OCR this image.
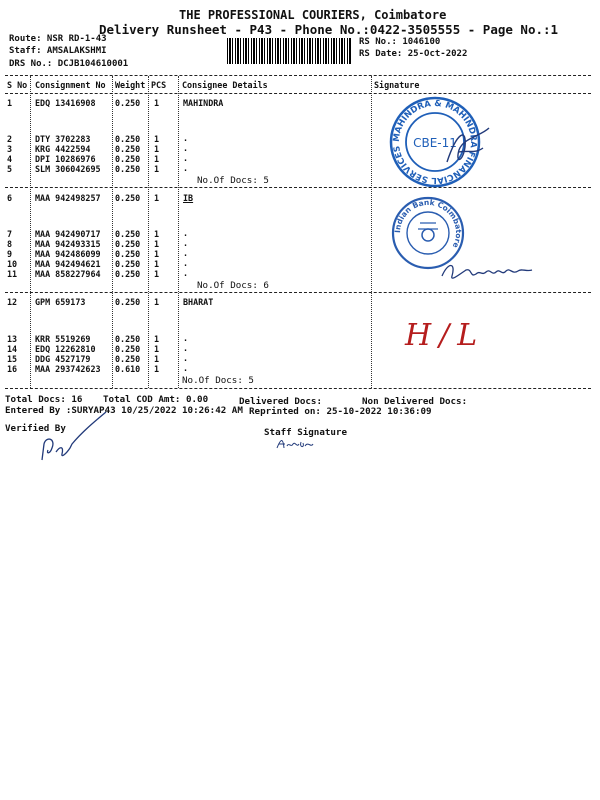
THE PROFESSIONAL COURIERS, Coimbatore
Delivery Runsheet - P43 - Phone No.:0422-3505555 - Page No.:1
Route: NSR RD-1-43
Staff: AMSALAKSHMI
DRS No.: DCJB104610001
RS No.: 1046100
RS Date: 25-Oct-2022
S No Consignment No Weight PCS Consignee Details	Signature
1	EDQ 13416908 0.250 1	MAHINDRA
2	DTY 3702283	0.250 1	.
3	KRG 4422594	0.250 1	.
4	DPI 10286976 0.250 1	.
5	SLM 306042695 0.250 1	.
No.Of Docs: 5
6	MAA 942498257 0.250 1	IB
7	MAA 942490717 0.250 1	.
8	MAA 942493315 0.250 1	.
9	MAA 942486099 0.250 1	.
10 MAA 942494621 0.250 1	.
11 MAA 858227964 0.250 1	.
No.Of Docs: 6
12 GPM 659173	0.250 1	BHARAT
13 KRR 5519269	0.250 1	.
14 EDQ 12262810 0.250 1	.
15 DDG 4527179	0.250 1	.
16 MAA 293742623 0.610 1	.
No.Of Docs: 5
MAHINDRA & MAHINDRA FINANCIAL SERVICES CBE-11
Indian Bank Coimbatore
H/L
Total Docs: 16 Total COD Amt: 0.00	Delivered Docs:	Non Delivered Docs:
Entered By :SURYAP43 10/25/2022 10:26:42 AM Reprinted on: 25-10-2022 10:36:09
Verified By	Staff Signature
